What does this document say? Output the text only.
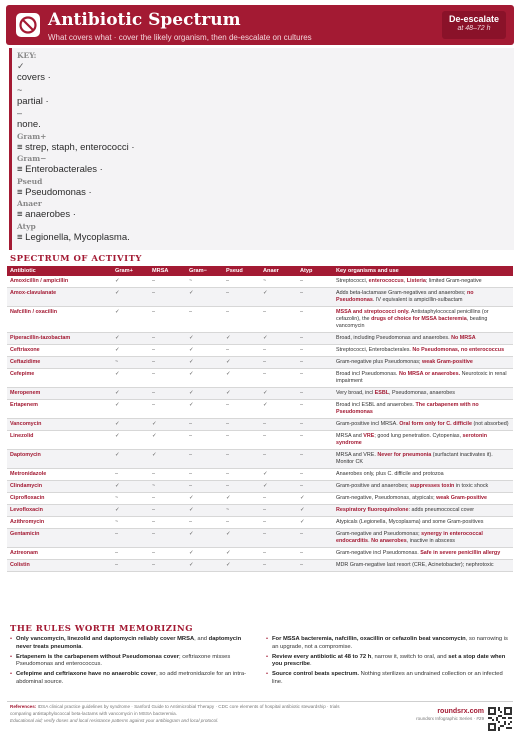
Antibiotic Spectrum
What covers what · cover the likely organism, then de-escalate on cultures
De-escalate
at 48–72 h
KEY:
✓
covers ·
~
partial ·
–
none.
Gram+
≡ strep, staph, enterococci ·
Gram−
≡ Enterobacterales ·
Pseud
≡ Pseudomonas ·
Anaer
≡ anaerobes ·
Atyp
≡ Legionella, Mycoplasma.
SPECTRUM OF ACTIVITY
Antibiotic	Gram+	MRSA	Gram−	Pseud	Anaer	Atyp	Key organisms and use
Amoxicillin / ampicillin	✓	–	~	–	~	–	Streptococci, enterococcus, Listeria; limited Gram-negative
Amox-clavulanate	✓	–	✓	–	✓	–	Adds beta-lactamase Gram-negatives and anaerobes; no Pseudomonas. IV equivalent is ampicillin-sulbactam
Nafcillin / oxacillin	✓	–	–	–	–	–	MSSA and streptococci only. Antistaphylococcal penicillins (or cefazolin), the drugs of choice for MSSA bacteremia, beating vancomycin
Piperacillin-tazobactam	✓	–	✓	✓	✓	–	Broad, including Pseudomonas and anaerobes. No MRSA
Ceftriaxone	✓	–	✓	–	–	–	Streptococci, Enterobacterales. No Pseudomonas, no enterococcus
Ceftazidime	~	–	✓	✓	–	–	Gram-negative plus Pseudomonas; weak Gram-positive
Cefepime	✓	–	✓	✓	–	–	Broad incl Pseudomonas. No MRSA or anaerobes. Neurotoxic in renal impairment
Meropenem	✓	–	✓	✓	✓	–	Very broad, incl ESBL, Pseudomonas, anaerobes
Ertapenem	✓	–	✓	–	✓	–	Broad incl ESBL and anaerobes. The carbapenem with no Pseudomonas
Vancomycin	✓	✓	–	–	–	–	Gram-positive incl MRSA. Oral form only for C. difficile (not absorbed)
Linezolid	✓	✓	–	–	–	–	MRSA and VRE; good lung penetration. Cytopenias, serotonin syndrome
Daptomycin	✓	✓	–	–	–	–	MRSA and VRE. Never for pneumonia (surfactant inactivates it). Monitor CK
Metronidazole	–	–	–	–	✓	–	Anaerobes only, plus C. difficile and protozoa
Clindamycin	✓	~	–	–	✓	–	Gram-positive and anaerobes; suppresses toxin in toxic shock
Ciprofloxacin	~	–	✓	✓	–	✓	Gram-negative, Pseudomonas, atypicals; weak Gram-positive
Levofloxacin	✓	–	✓	~	–	✓	Respiratory fluoroquinolone: adds pneumococcal cover
Azithromycin	~	–	–	–	–	✓	Atypicals (Legionella, Mycoplasma) and some Gram-positives
Gentamicin	–	–	✓	✓	–	–	Gram-negative and Pseudomonas; synergy in enterococcal endocarditis. No anaerobes, inactive in abscess
Aztreonam	–	–	✓	✓	–	–	Gram-negative incl Pseudomonas. Safe in severe penicillin allergy
Colistin	–	–	✓	✓	–	–	MDR Gram-negative last resort (CRE, Acinetobacter); nephrotoxic
THE RULES WORTH MEMORIZING
• Only vancomycin, linezolid and daptomycin reliably cover MRSA, and daptomycin never treats pneumonia.
• Ertapenem is the carbapenem without Pseudomonas cover; ceftriaxone misses Pseudomonas and enterococcus.
• Cefepime and ceftriaxone have no anaerobic cover, so add metronidazole for an intra-abdominal source.
• For MSSA bacteremia, nafcillin, oxacillin or cefazolin beat vancomycin, so narrowing is an upgrade, not a compromise.
• Review every antibiotic at 48 to 72 h, narrow it, switch to oral, and set a stop date when you prescribe.
• Source control beats spectrum. Nothing sterilizes an undrained collection or an infected line.
References: IDSA clinical practice guidelines by syndrome · Sanford Guide to Antimicrobial Therapy · CDC core elements of hospital antibiotic stewardship · trials
comparing antistaphylococcal beta-lactams with vancomycin in MSSA bacteremia.
Educational aid; verify doses and local resistance patterns against your antibiogram and local protocol.
roundsrx.com
roundsrx Infographic Series · #29
